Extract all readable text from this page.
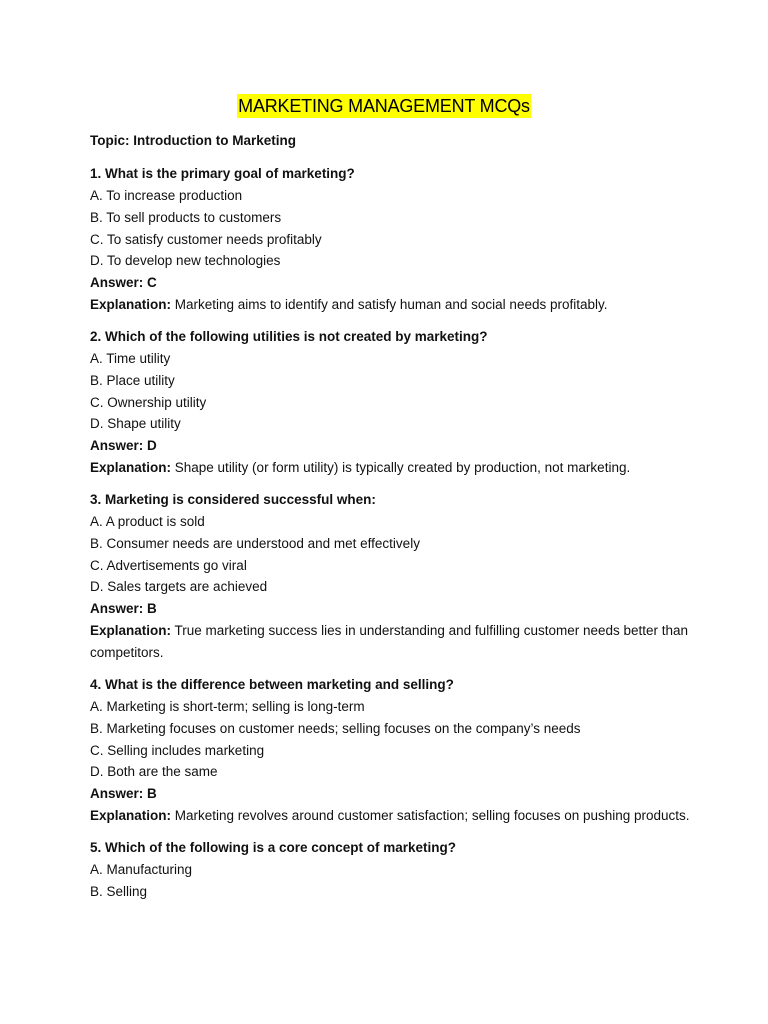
MARKETING MANAGEMENT MCQs
Topic: Introduction to Marketing
1. What is the primary goal of marketing?
A. To increase production
B. To sell products to customers
C. To satisfy customer needs profitably
D. To develop new technologies
Answer: C
Explanation: Marketing aims to identify and satisfy human and social needs profitably.
2. Which of the following utilities is not created by marketing?
A. Time utility
B. Place utility
C. Ownership utility
D. Shape utility
Answer: D
Explanation: Shape utility (or form utility) is typically created by production, not marketing.
3. Marketing is considered successful when:
A. A product is sold
B. Consumer needs are understood and met effectively
C. Advertisements go viral
D. Sales targets are achieved
Answer: B
Explanation: True marketing success lies in understanding and fulfilling customer needs better than competitors.
4. What is the difference between marketing and selling?
A. Marketing is short-term; selling is long-term
B. Marketing focuses on customer needs; selling focuses on the company’s needs
C. Selling includes marketing
D. Both are the same
Answer: B
Explanation: Marketing revolves around customer satisfaction; selling focuses on pushing products.
5. Which of the following is a core concept of marketing?
A. Manufacturing
B. Selling
